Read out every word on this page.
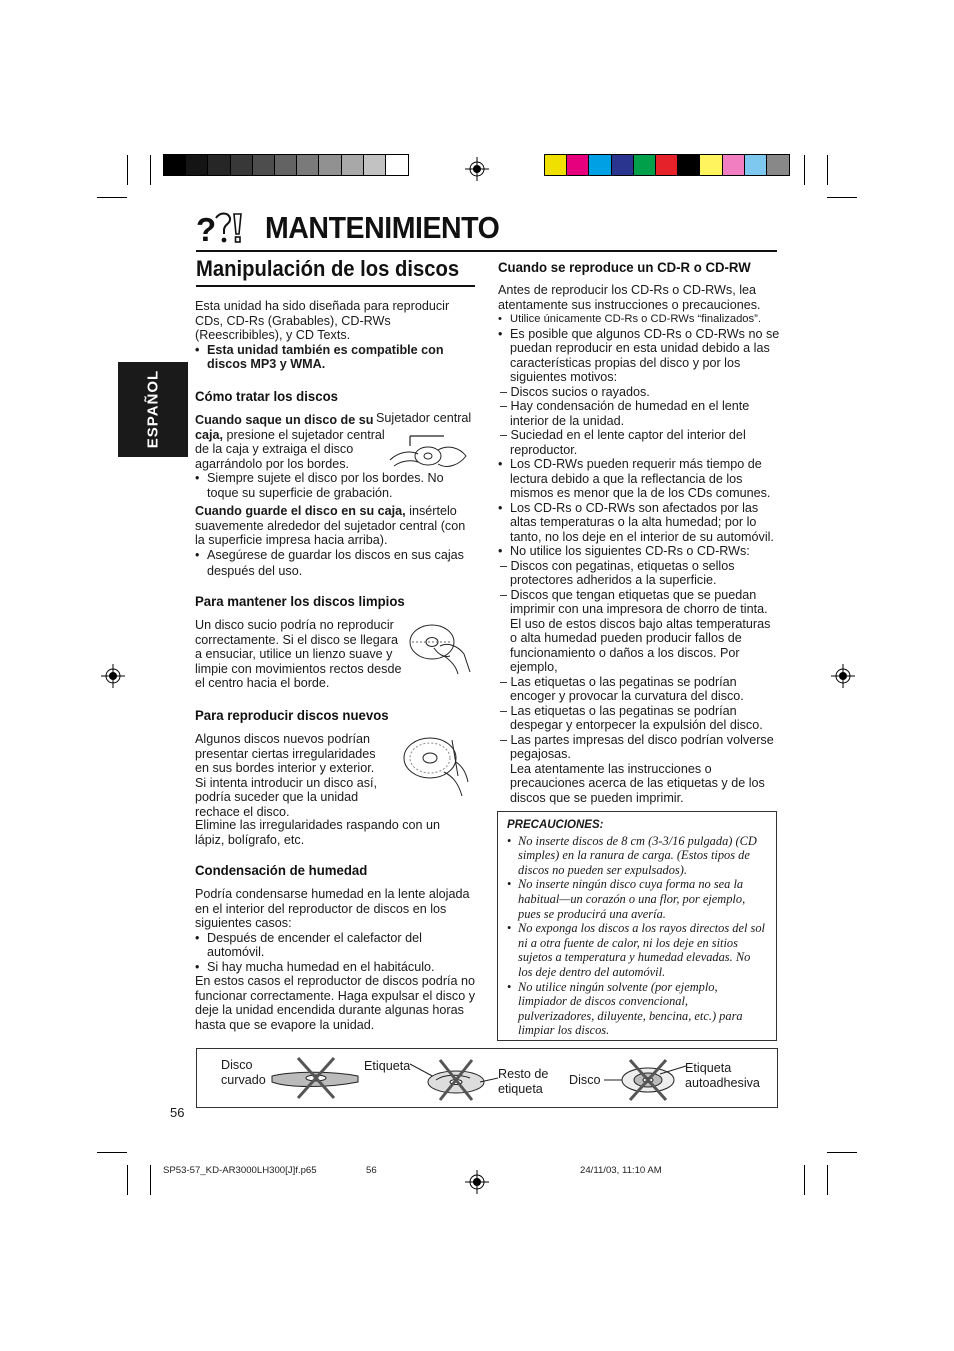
? MANTENIMIENTO
Manipulación de los discos
ESPAÑOL
Esta unidad ha sido diseñada para reproducir CDs, CD-Rs (Grabables), CD-RWs (Reescribibles), y CD Texts.
• Esta unidad también es compatible con discos MP3 y WMA.
Cómo tratar los discos
Sujetador central
Cuando saque un disco de su caja, presione el sujetador central de la caja y extraiga el disco agarrándolo por los bordes.
• Siempre sujete el disco por los bordes. No toque su superficie de grabación.
Cuando guarde el disco en su caja, insértelo suavemente alrededor del sujetador central (con la superficie impresa hacia arriba).
• Asegúrese de guardar los discos en sus cajas después del uso.
Para mantener los discos limpios
Un disco sucio podría no reproducir correctamente. Si el disco se llegara a ensuciar, utilice un lienzo suave y limpie con movimientos rectos desde el centro hacia el borde.
Para reproducir discos nuevos
Algunos discos nuevos podrían presentar ciertas irregularidades en sus bordes interior y exterior. Si intenta introducir un disco así, podría suceder que la unidad rechace el disco.
Elimine las irregularidades raspando con un lápiz, bolígrafo, etc.
Condensación de humedad
Podría condensarse humedad en la lente alojada en el interior del reproductor de discos en los siguientes casos:
• Después de encender el calefactor del automóvil.
• Si hay mucha humedad en el habitáculo.
En estos casos el reproductor de discos podría no funcionar correctamente. Haga expulsar el disco y deje la unidad encendida durante algunas horas hasta que se evapore la unidad.
Cuando se reproduce un CD-R o CD-RW
Antes de reproducir los CD-Rs o CD-RWs, lea atentamente sus instrucciones o precauciones.
• Utilice únicamente CD-Rs o CD-RWs “finalizados”.
• Es posible que algunos CD-Rs o CD-RWs no se puedan reproducir en esta unidad debido a las características propias del disco y por los siguientes motivos:
– Discos sucios o rayados.
– Hay condensación de humedad en el lente interior de la unidad.
– Suciedad en el lente captor del interior del reproductor.
• Los CD-RWs pueden requerir más tiempo de lectura debido a que la reflectancia de los mismos es menor que la de los CDs comunes.
• Los CD-Rs o CD-RWs son afectados por las altas temperaturas o la alta humedad; por lo tanto, no los deje en el interior de su automóvil.
• No utilice los siguientes CD-Rs o CD-RWs:
– Discos con pegatinas, etiquetas o sellos protectores adheridos a la superficie.
– Discos que tengan etiquetas que se puedan imprimir con una impresora de chorro de tinta.
El uso de estos discos bajo altas temperaturas o alta humedad pueden producir fallos de funcionamiento o daños a los discos. Por ejemplo,
– Las etiquetas o las pegatinas se podrían encoger y provocar la curvatura del disco.
– Las etiquetas o las pegatinas se podrían despegar y entorpecer la expulsión del disco.
– Las partes impresas del disco podrían volverse pegajosas.
Lea atentamente las instrucciones o precauciones acerca de las etiquetas y de los discos que se pueden imprimir.
PRECAUCIONES:
• No inserte discos de 8 cm (3-3/16 pulgada) (CD simples) en la ranura de carga. (Estos tipos de discos no pueden ser expulsados).
• No inserte ningún disco cuya forma no sea la habitual—un corazón o una flor, por ejemplo, pues se producirá una avería.
• No exponga los discos a los rayos directos del sol ni a otra fuente de calor, ni los deje en sitios sujetos a temperatura y humedad elevadas. No los deje dentro del automóvil.
• No utilice ningún solvente (por ejemplo, limpiador de discos convencional, pulverizadores, diluyente, bencina, etc.) para limpiar los discos.
Disco
curvado
Etiqueta
Resto de
etiqueta
Disco
Etiqueta
autoadhesiva
56
SP53-57_KD-AR3000LH300[J]f.p65	56	24/11/03, 11:10 AM
